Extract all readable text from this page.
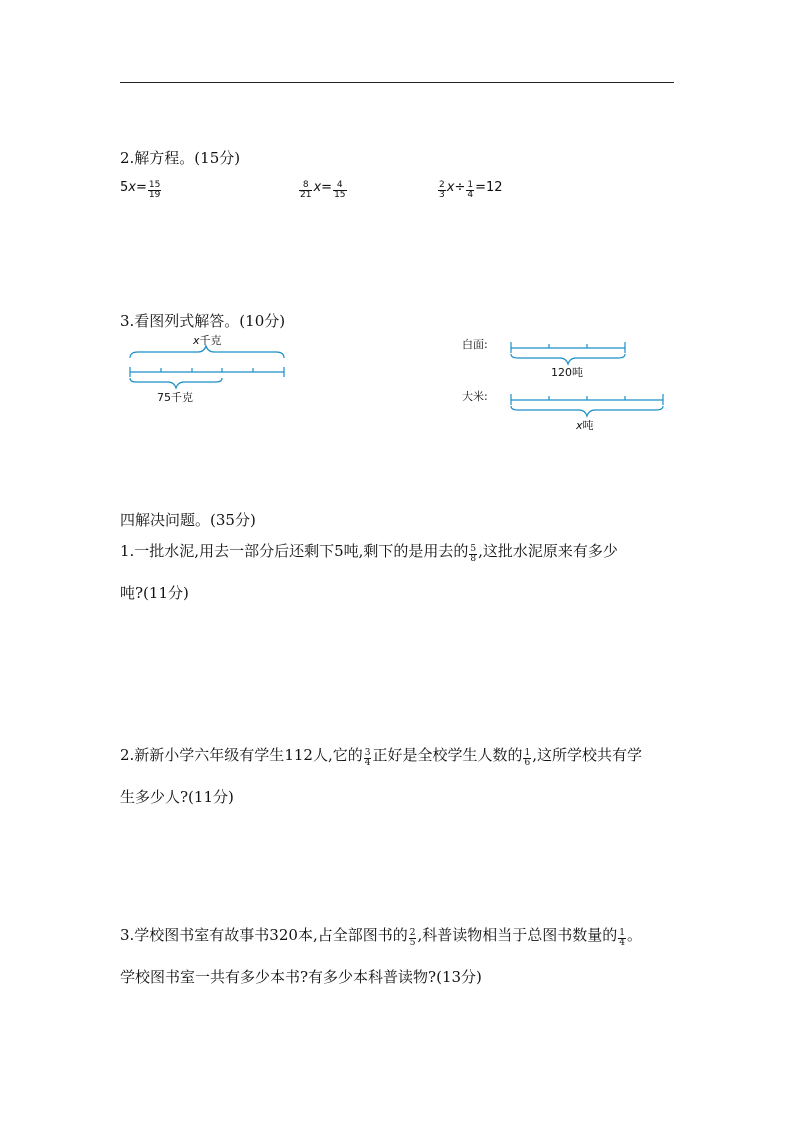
2.解方程。(15分)
$5x= \frac{15}{19}$	$\frac{8}{21} x= \frac{4}{15}$	$\frac{2}{3} x\div \frac{1}{4} =12$
3.看图列式解答。(10分)
x千克
75千克
白面:
120吨
大米:
x吨
四解决问题。(35分)
1.一批水泥,用去一部分后还剩下5吨,剩下的是用去的 $\frac{5}{8}$ ,这批水泥原来有多少
吨?(11分)
2.新新小学六年级有学生112人,它的 $\frac{3}{4}$ 正好是全校学生人数的 $\frac{1}{6}$ ,这所学校共有学
生多少人?(11分)
3.学校图书室有故事书320本,占全部图书的 $\frac{2}{5}$ ,科普读物相当于总图书数量的 $\frac{1}{4}$ 。
学校图书室一共有多少本书?有多少本科普读物?(13分)
